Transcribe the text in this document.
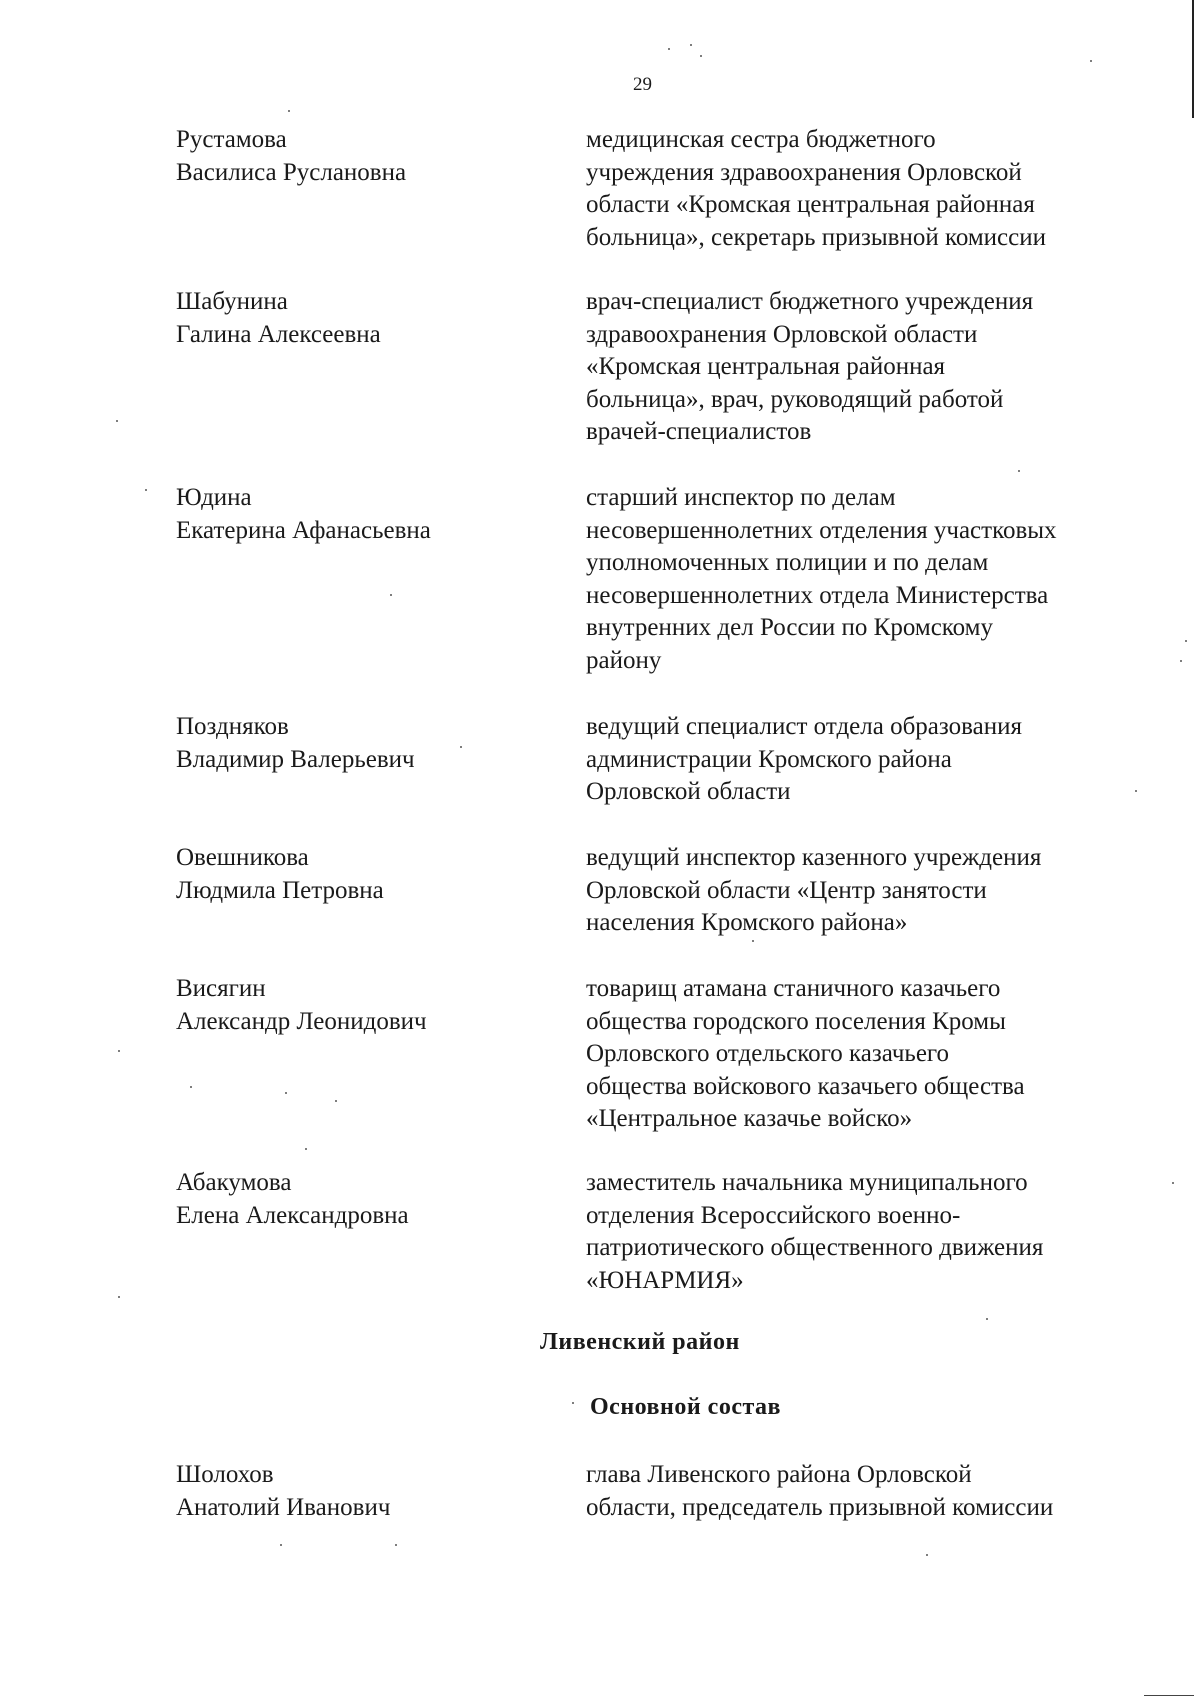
29
Рустамова
Василиса Руслановна
медицинская сестра бюджетного
учреждения здравоохранения Орловской
области «Кромская центральная районная
больница», секретарь призывной комиссии
Шабунина
Галина Алексеевна
врач-специалист бюджетного учреждения
здравоохранения Орловской области
«Кромская центральная районная
больница», врач, руководящий работой
врачей-специалистов
Юдина
Екатерина Афанасьевна
старший инспектор по делам
несовершеннолетних отделения участковых
уполномоченных полиции и по делам
несовершеннолетних отдела Министерства
внутренних дел России по Кромскому
району
Поздняков
Владимир Валерьевич
ведущий специалист отдела образования
администрации Кромского района
Орловской области
Овешникова
Людмила Петровна
ведущий инспектор казенного учреждения
Орловской области «Центр занятости
населения Кромского района»
Висягин
Александр Леонидович
товарищ атамана станичного казачьего
общества городского поселения Кромы
Орловского отдельского казачьего
общества войскового казачьего общества
«Центральное казачье войско»
Абакумова
Елена Александровна
заместитель начальника муниципального
отделения Всероссийского военно-
патриотического общественного движения
«ЮНАРМИЯ»
Ливенский район
Основной состав
Шолохов
Анатолий Иванович
глава Ливенского района Орловской
области, председатель призывной комиссии
